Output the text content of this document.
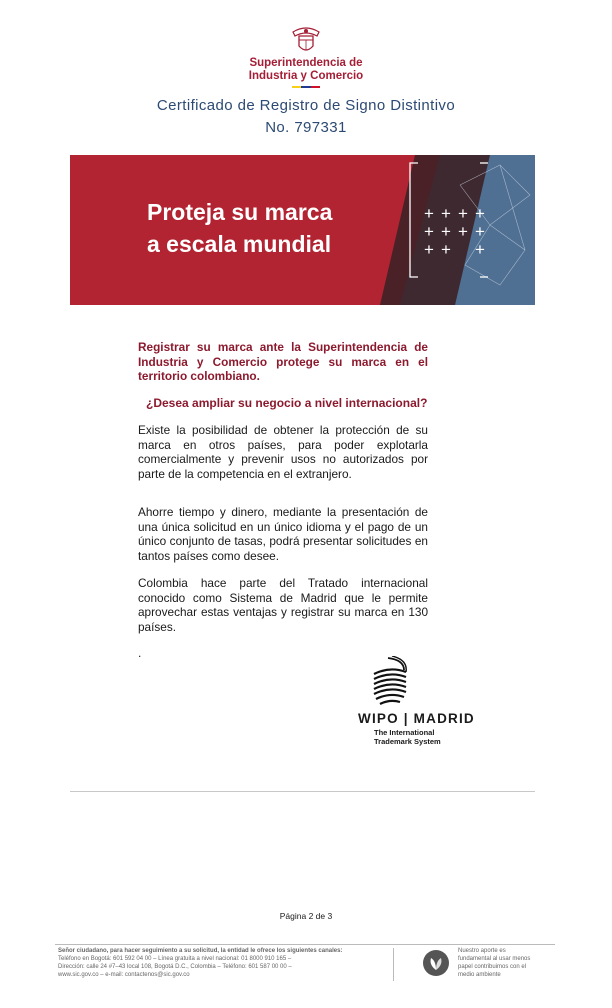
Superintendencia de
Industria y Comercio
Certificado de Registro de Signo Distintivo
No. 797331
+ + + +
+ + + +
+ + +
Proteja su marca
a escala mundial
Registrar su marca ante la Superintendencia de Industria y Comercio protege su marca en el territorio colombiano.
¿Desea ampliar su negocio a nivel internacional?
Existe la posibilidad de obtener la protección de su marca en otros países, para poder explotarla comercialmente y prevenir usos no autorizados por parte de la competencia en el extranjero.
Ahorre tiempo y dinero, mediante la presentación de una única solicitud en un único idioma y el pago de un único conjunto de tasas, podrá presentar solicitudes en tantos países como desee.
Colombia hace parte del Tratado internacional conocido como Sistema de Madrid que le permite aprovechar estas ventajas y registrar su marca en 130 países.
.
WIPO | MADRID
The International
Trademark System
Página 2 de 3
Señor ciudadano, para hacer seguimiento a su solicitud, la entidad le ofrece los siguientes canales:
Teléfono en Bogotá: 601 592 04 00 – Línea gratuita a nivel nacional: 01 8000 910 165 –
Dirección: calle 24 #7–43 local 108, Bogotá D.C., Colombia – Teléfono: 601 587 00 00 –
www.sic.gov.co – e-mail: contactenos@sic.gov.co
Nuestro aporte es
fundamental al usar menos
papel contribuimos con el
medio ambiente
